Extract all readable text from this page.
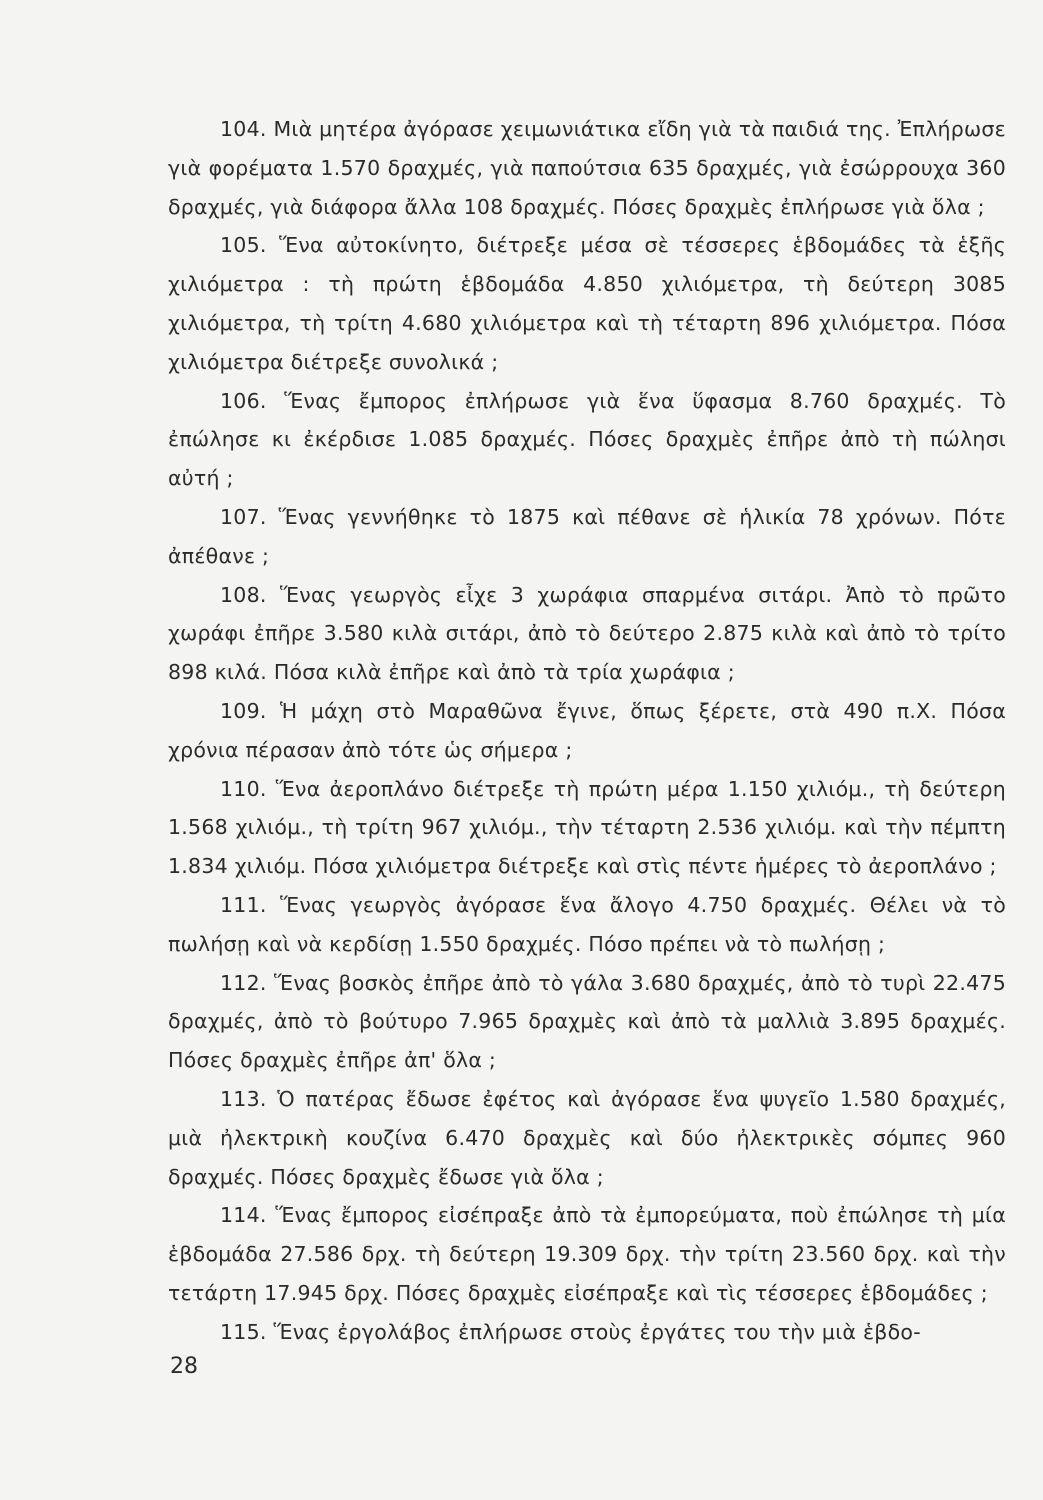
104. Μιὰ μητέρα ἀγόρασε χειμωνιάτικα εἴδη γιὰ τὰ παιδιά της. Ἐπλήρωσε γιὰ φορέματα 1.570 δραχμές, γιὰ παπούτσια 635 δραχμές, γιὰ ἐσώρρουχα 360 δραχμές, γιὰ διάφορα ἄλλα 108 δραχμές. Πόσες δραχμὲς ἐπλήρωσε γιὰ ὅλα ;

105. Ἕνα αὐτοκίνητο, διέτρεξε μέσα σὲ τέσσερες ἑβδομάδες τὰ ἑξῆς χιλιόμετρα : τὴ πρώτη ἑβδομάδα 4.850 χιλιόμετρα, τὴ δεύτερη 3085 χιλιόμετρα, τὴ τρίτη 4.680 χιλιόμετρα καὶ τὴ τέταρτη 896 χιλιόμετρα. Πόσα χιλιόμετρα διέτρεξε συνολικά ;

106. Ἕνας ἔμπορος ἐπλήρωσε γιὰ ἕνα ὕφασμα 8.760 δραχμές. Τὸ ἐπώλησε κι ἐκέρδισε 1.085 δραχμές. Πόσες δραχμὲς ἐπῆρε ἀπὸ τὴ πώλησι αὐτή ;

107. Ἕνας γεννήθηκε τὸ 1875 καὶ πέθανε σὲ ἡλικία 78 χρόνων. Πότε ἀπέθανε ;

108. Ἕνας γεωργὸς εἶχε 3 χωράφια σπαρμένα σιτάρι. Ἀπὸ τὸ πρῶτο χωράφι ἐπῆρε 3.580 κιλὰ σιτάρι, ἀπὸ τὸ δεύτερο 2.875 κιλὰ καὶ ἀπὸ τὸ τρίτο 898 κιλά. Πόσα κιλὰ ἐπῆρε καὶ ἀπὸ τὰ τρία χωράφια ;

109. Ἡ μάχη στὸ Μαραθῶνα ἔγινε, ὅπως ξέρετε, στὰ 490 π.Χ. Πόσα χρόνια πέρασαν ἀπὸ τότε ὡς σήμερα ;

110. Ἕνα ἀεροπλάνο διέτρεξε τὴ πρώτη μέρα 1.150 χιλιόμ., τὴ δεύτερη 1.568 χιλιόμ., τὴ τρίτη 967 χιλιόμ., τὴν τέταρτη 2.536 χιλιόμ. καὶ τὴν πέμπτη 1.834 χιλιόμ. Πόσα χιλιόμετρα διέτρεξε καὶ στὶς πέντε ἡμέρες τὸ ἀεροπλάνο ;

111. Ἕνας γεωργὸς ἀγόρασε ἕνα ἄλογο 4.750 δραχμές. Θέλει νὰ τὸ πωλήσῃ καὶ νὰ κερδίσῃ 1.550 δραχμές. Πόσο πρέπει νὰ τὸ πωλήσῃ ;

112. Ἕνας βοσκὸς ἐπῆρε ἀπὸ τὸ γάλα 3.680 δραχμές, ἀπὸ τὸ τυρὶ 22.475 δραχμές, ἀπὸ τὸ βούτυρο 7.965 δραχμὲς καὶ ἀπὸ τὰ μαλλιὰ 3.895 δραχμές. Πόσες δραχμὲς ἐπῆρε ἀπ' ὅλα ;

113. Ὁ πατέρας ἔδωσε ἐφέτος καὶ ἀγόρασε ἕνα ψυγεῖο 1.580 δραχμές, μιὰ ἠλεκτρικὴ κουζίνα 6.470 δραχμὲς καὶ δύο ἠλεκτρικὲς σόμπες 960 δραχμές. Πόσες δραχμὲς ἔδωσε γιὰ ὅλα ;

114. Ἕνας ἔμπορος εἰσέπραξε ἀπὸ τὰ ἐμπορεύματα, ποὺ ἐπώλησε τὴ μία ἑβδομάδα 27.586 δρχ. τὴ δεύτερη 19.309 δρχ. τὴν τρίτη 23.560 δρχ. καὶ τὴν τετάρτη 17.945 δρχ. Πόσες δραχμὲς εἰσέπραξε καὶ τὶς τέσσερες ἑβδομάδες ;

115. Ἕνας ἐργολάβος ἐπλήρωσε στοὺς ἐργάτες του τὴν μιὰ ἑβδο-

28
